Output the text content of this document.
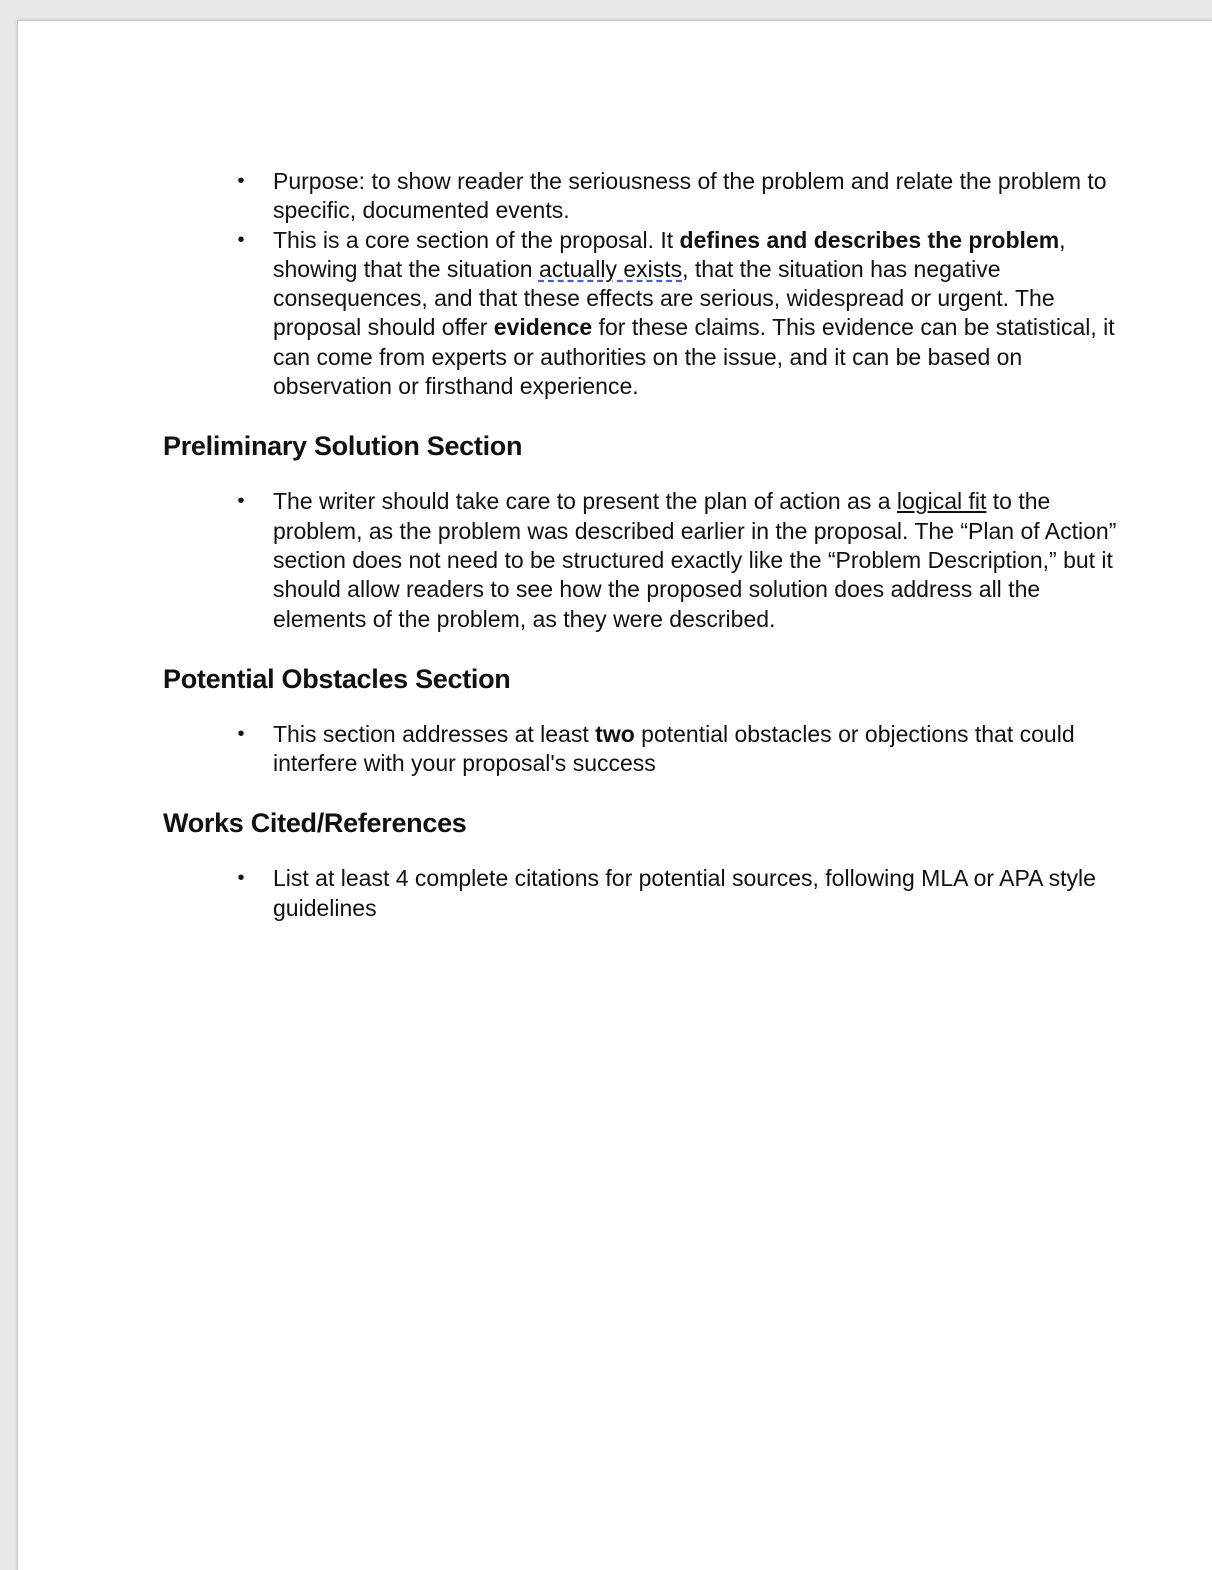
• Purpose: to show reader the seriousness of the problem and relate the problem to specific, documented events.
• This is a core section of the proposal. It defines and describes the problem, showing that the situation actually exists, that the situation has negative consequences, and that these effects are serious, widespread or urgent. The proposal should offer evidence for these claims. This evidence can be statistical, it can come from experts or authorities on the issue, and it can be based on observation or firsthand experience.
Preliminary Solution Section
• The writer should take care to present the plan of action as a logical fit to the problem, as the problem was described earlier in the proposal. The “Plan of Action” section does not need to be structured exactly like the “Problem Description,” but it should allow readers to see how the proposed solution does address all the elements of the problem, as they were described.
Potential Obstacles Section
• This section addresses at least two potential obstacles or objections that could interfere with your proposal's success
Works Cited/References
• List at least 4 complete citations for potential sources, following MLA or APA style guidelines
